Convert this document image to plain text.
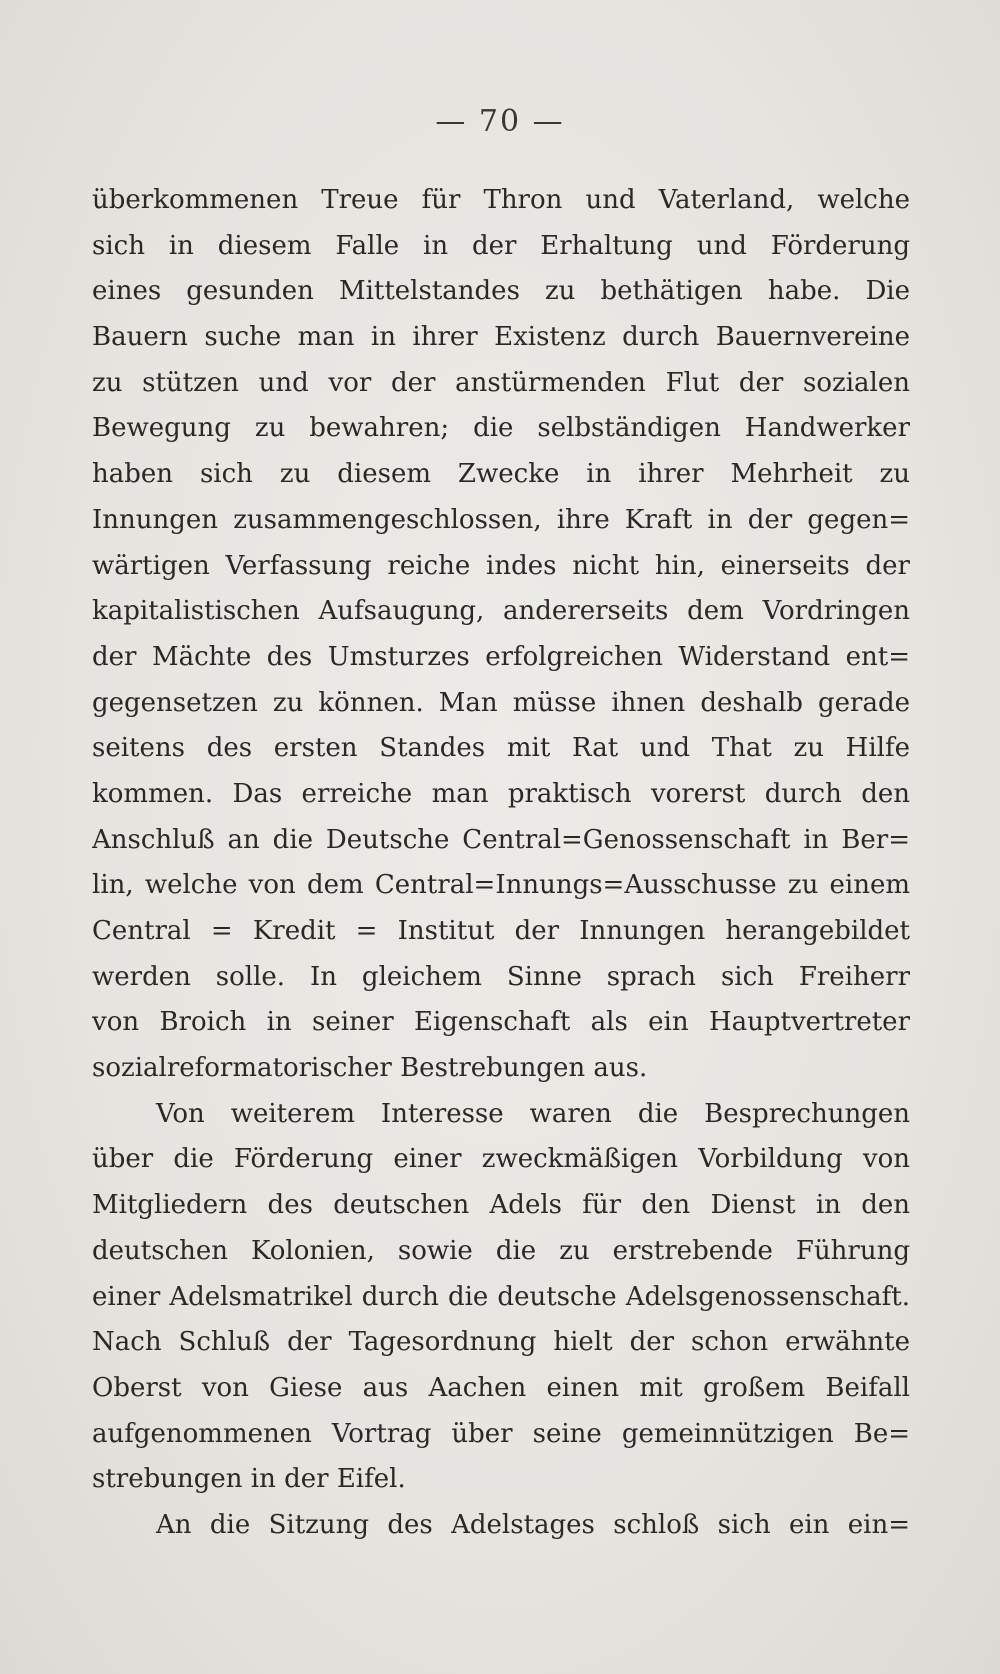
— 70 —

überkommenen Treue für Thron und Vaterland, welche
sich in diesem Falle in der Erhaltung und Förderung
eines gesunden Mittelstandes zu bethätigen habe. Die
Bauern suche man in ihrer Existenz durch Bauernvereine
zu stützen und vor der anstürmenden Flut der sozialen
Bewegung zu bewahren; die selbständigen Handwerker
haben sich zu diesem Zwecke in ihrer Mehrheit zu
Innungen zusammengeschlossen, ihre Kraft in der gegen=
wärtigen Verfassung reiche indes nicht hin, einerseits der
kapitalistischen Aufsaugung, andererseits dem Vordringen
der Mächte des Umsturzes erfolgreichen Widerstand ent=
gegensetzen zu können. Man müsse ihnen deshalb gerade
seitens des ersten Standes mit Rat und That zu Hilfe
kommen. Das erreiche man praktisch vorerst durch den
Anschluß an die Deutsche Central=Genossenschaft in Ber=
lin, welche von dem Central=Innungs=Ausschusse zu einem
Central = Kredit = Institut der Innungen herangebildet
werden solle. In gleichem Sinne sprach sich Freiherr
von Broich in seiner Eigenschaft als ein Hauptvertreter
sozialreformatorischer Bestrebungen aus.

Von weiterem Interesse waren die Besprechungen
über die Förderung einer zweckmäßigen Vorbildung von
Mitgliedern des deutschen Adels für den Dienst in den
deutschen Kolonien, sowie die zu erstrebende Führung
einer Adelsmatrikel durch die deutsche Adelsgenossenschaft.
Nach Schluß der Tagesordnung hielt der schon erwähnte
Oberst von Giese aus Aachen einen mit großem Beifall
aufgenommenen Vortrag über seine gemeinnützigen Be=
strebungen in der Eifel.

An die Sitzung des Adelstages schloß sich ein ein=
